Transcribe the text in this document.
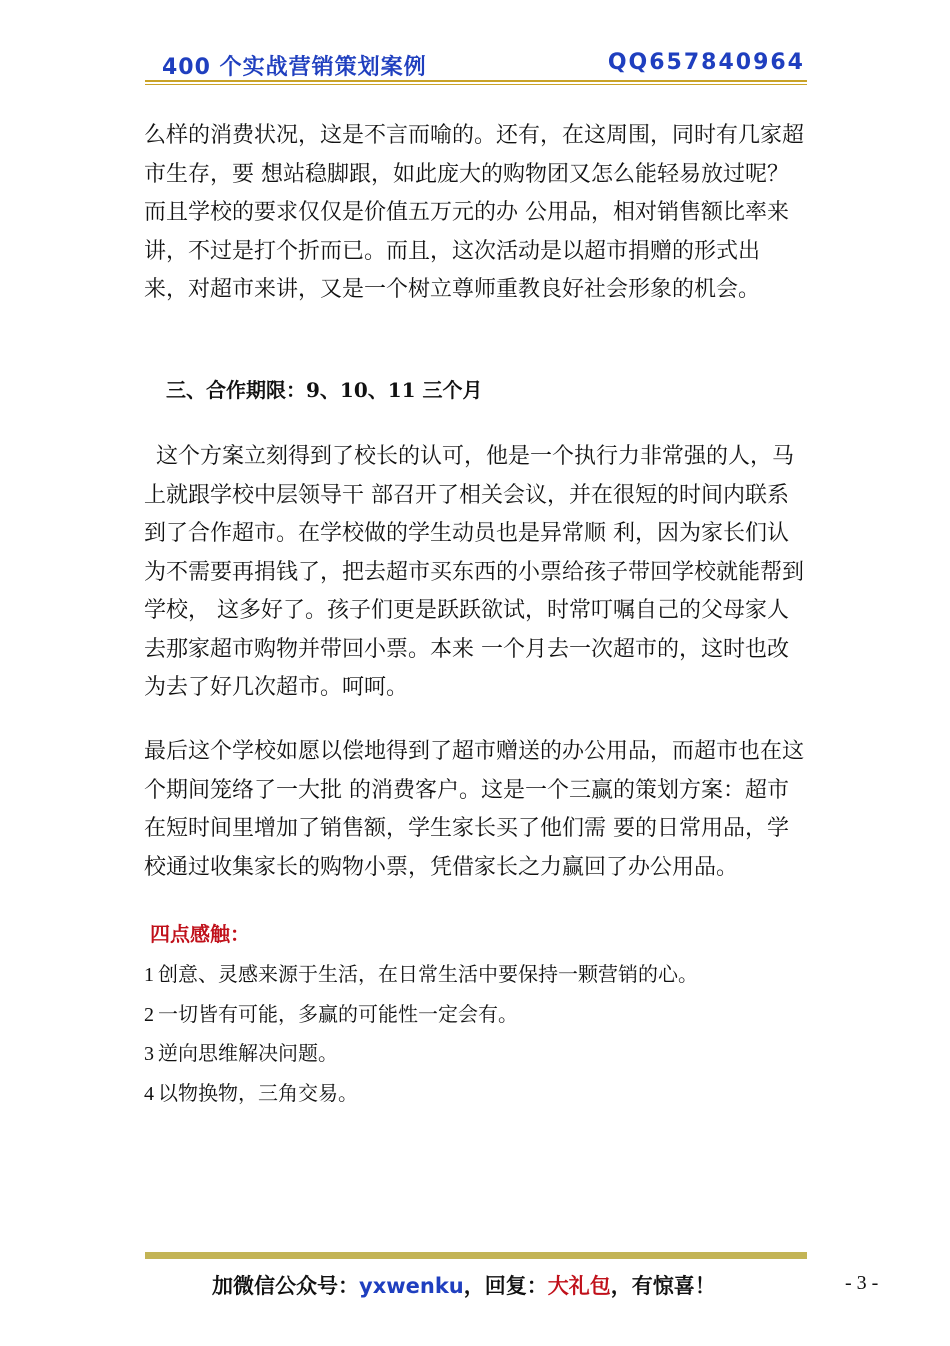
400 个实战营销策划案例	QQ657840964

么样的消费状况，这是不言而喻的。还有，在这周围，同时有几家超市生存，要 想站稳脚跟，如此庞大的购物团又怎么能轻易放过呢？而且学校的要求仅仅是价值五万元的办 公用品，相对销售额比率来讲，不过是打个折而已。而且，这次活动是以超市捐赠的形式出 来，对超市来讲，又是一个树立尊师重教良好社会形象的机会。

三、合作期限：9、10、11 三个月

这个方案立刻得到了校长的认可，他是一个执行力非常强的人，马上就跟学校中层领导干 部召开了相关会议，并在很短的时间内联系到了合作超市。在学校做的学生动员也是异常顺 利，因为家长们认为不需要再捐钱了，把去超市买东西的小票给孩子带回学校就能帮到学校， 这多好了。孩子们更是跃跃欲试，时常叮嘱自己的父母家人去那家超市购物并带回小票。本来 一个月去一次超市的，这时也改为去了好几次超市。呵呵。

最后这个学校如愿以偿地得到了超市赠送的办公用品，而超市也在这个期间笼络了一大批 的消费客户。这是一个三赢的策划方案：超市在短时间里增加了销售额，学生家长买了他们需 要的日常用品，学校通过收集家长的购物小票，凭借家长之力赢回了办公用品。

四点感触：
1 创意、灵感来源于生活，在日常生活中要保持一颗营销的心。
2 一切皆有可能，多赢的可能性一定会有。
3 逆向思维解决问题。
4 以物换物，三角交易。
加微信公众号：yxwenku，回复：大礼包，有惊喜！	- 3 -
